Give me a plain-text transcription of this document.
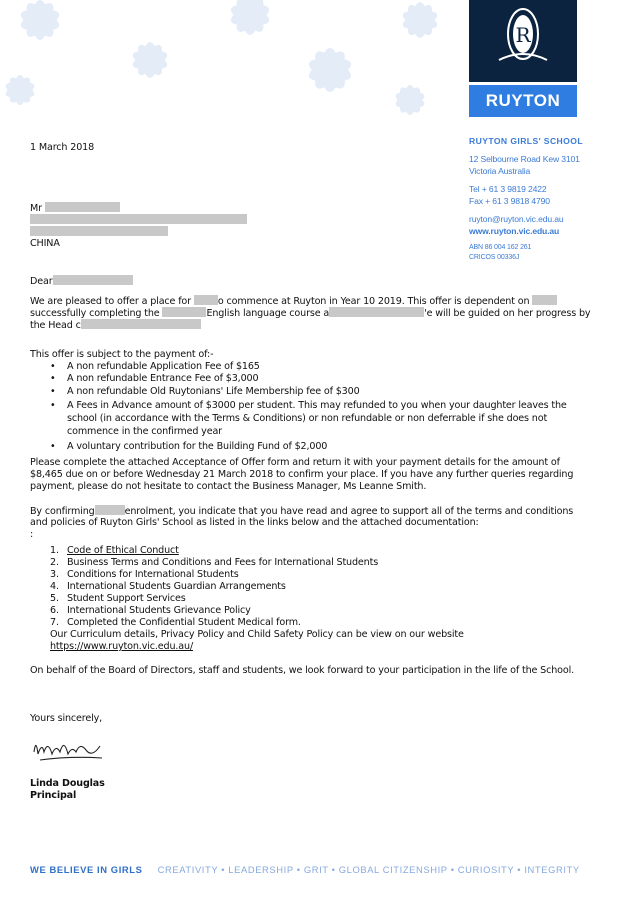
R
RUYTON
RUYTON GIRLS' SCHOOL
12 Selbourne Road Kew 3101
Victoria Australia
Tel + 61 3 9819 2422
Fax + 61 3 9818 4790
ruyton@ruyton.vic.edu.au
www.ruyton.vic.edu.au
ABN 86 004 162 261
CRICOS 00336J
1 March 2018
Mr
CHINA
Dear
We are pleased to offer a place for	o commence at Ruyton in Year 10 2019. This offer is dependent on
successfully completing the	English language course a	'e will be guided on her progress by
the Head c
This offer is subject to the payment of:-
• A non refundable Application Fee of $165
• A non refundable Entrance Fee of $3,000
• A non refundable Old Ruytonians' Life Membership fee of $300
• A Fees in Advance amount of $3000 per student. This may refunded to you when your daughter leaves the
school (in accordance with the Terms & Conditions) or non refundable or non deferrable if she does not
commence in the confirmed year
• A voluntary contribution for the Building Fund of $2,000
Please complete the attached Acceptance of Offer form and return it with your payment details for the amount of
$8,465 due on or before Wednesday 21 March 2018 to confirm your place. If you have any further queries regarding
payment, please do not hesitate to contact the Business Manager, Ms Leanne Smith.
By confirming	enrolment, you indicate that you have read and agree to support all of the terms and conditions
and policies of Ruyton Girls' School as listed in the links below and the attached documentation:
:
1. Code of Ethical Conduct
2. Business Terms and Conditions and Fees for International Students
3. Conditions for International Students
4. International Students Guardian Arrangements
5. Student Support Services
6. International Students Grievance Policy
7. Completed the Confidential Student Medical form.
Our Curriculum details, Privacy Policy and Child Safety Policy can be view on our website
https://www.ruyton.vic.edu.au/
On behalf of the Board of Directors, staff and students, we look forward to your participation in the life of the School.
Yours sincerely,
Linda Douglas
Principal
WE BELIEVE IN GIRLS CREATIVITY • LEADERSHIP • GRIT • GLOBAL CITIZENSHIP • CURIOSITY • INTEGRITY
